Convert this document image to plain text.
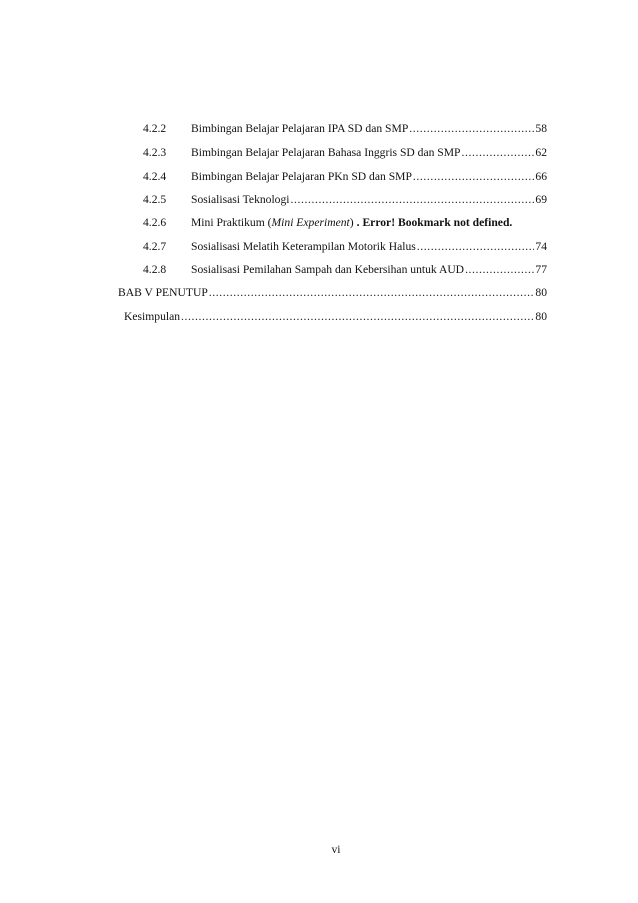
4.2.2	Bimbingan Belajar Pelajaran IPA SD dan SMP .....	58
4.2.3	Bimbingan Belajar Pelajaran Bahasa Inggris SD dan SMP .....	62
4.2.4	Bimbingan Belajar Pelajaran PKn SD dan SMP .....	66
4.2.5	Sosialisasi Teknologi .....	69
4.2.6	Mini Praktikum (Mini Experiment) . Error! Bookmark not defined.
4.2.7	Sosialisasi Melatih Keterampilan Motorik Halus .....	74
4.2.8	Sosialisasi Pemilahan Sampah dan Kebersihan untuk AUD .....	77
BAB V PENUTUP .....	80
Kesimpulan .....	80
vi
